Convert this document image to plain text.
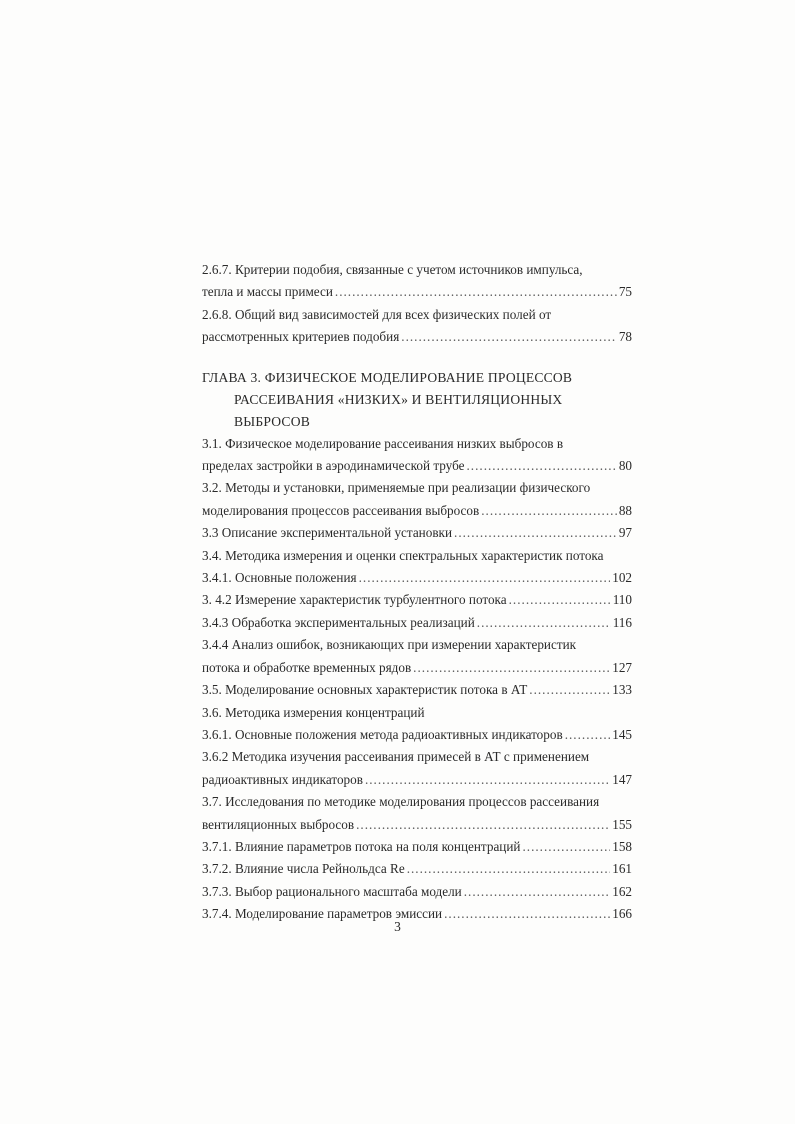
2.6.7. Критерии подобия, связанные с учетом источников импульса,
тепла и массы примеси .....	75
2.6.8. Общий вид зависимостей для всех физических полей от
рассмотренных критериев подобия .....	78
ГЛАВА 3. ФИЗИЧЕСКОЕ МОДЕЛИРОВАНИЕ ПРОЦЕССОВ
РАССЕИВАНИЯ «НИЗКИХ» И ВЕНТИЛЯЦИОННЫХ ВЫБРОСОВ
3.1. Физическое моделирование рассеивания низких выбросов в
пределах застройки в аэродинамической трубе .....	80
3.2. Методы и установки, применяемые при реализации физического
моделирования процессов рассеивания выбросов .....	88
3.3 Описание экспериментальной установки .....	97
3.4. Методика измерения и оценки спектральных характеристик потока
3.4.1. Основные положения .....	102
3. 4.2 Измерение характеристик турбулентного потока .....	110
3.4.3 Обработка экспериментальных реализаций .....	116
3.4.4 Анализ ошибок, возникающих при измерении характеристик
потока и обработке временных рядов .....	127
3.5. Моделирование основных характеристик потока в АТ .....	133
3.6. Методика измерения концентраций
3.6.1. Основные положения метода радиоактивных индикаторов .....	145
3.6.2 Методика изучения рассеивания примесей в АТ с применением
радиоактивных индикаторов .....	147
3.7. Исследования по методике моделирования процессов рассеивания
вентиляционных выбросов .....	155
3.7.1. Влияние параметров потока на поля концентраций .....	158
3.7.2. Влияние числа Рейнольдса Re .....	161
3.7.3. Выбор рационального масштаба модели .....	162
3.7.4. Моделирование параметров эмиссии .....	166
3
